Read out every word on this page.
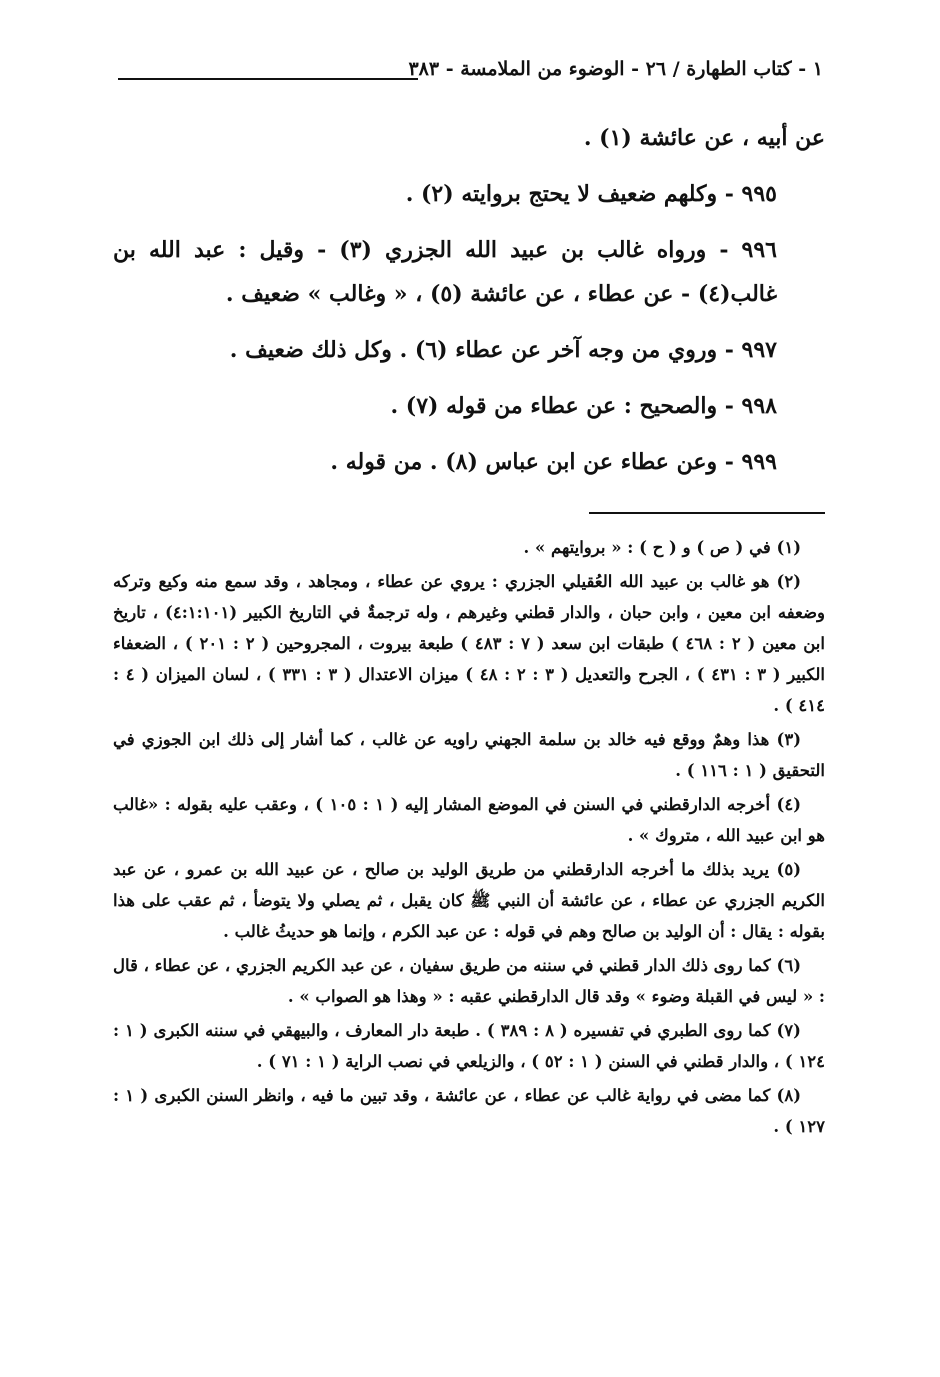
١ - كتاب الطهارة / ٢٦ - الوضوء من الملامسة - ٣٨٣

عن أبيه ، عن عائشة (١) .

٩٩٥ - وكلهم ضعيف لا يحتج بروايته (٢) .

٩٩٦ - ورواه غالب بن عبيد الله الجزري (٣) - وقيل : عبد الله بن غالب(٤) - عن عطاء ، عن عائشة (٥) ، « وغالب » ضعيف .

٩٩٧ - وروي من وجه آخر عن عطاء (٦) . وكل ذلك ضعيف .

٩٩٨ - والصحيح : عن عطاء من قوله (٧) .

٩٩٩ - وعن عطاء عن ابن عباس (٨) . من قوله .

(١) في ( ص ) و ( ح ) : « بروايتهم » .

(٢) هو غالب بن عبيد الله العُقيلي الجزري : يروي عن عطاء ، ومجاهد ، وقد سمع منه وكيع وتركه وضعفه ابن معين ، وابن حبان ، والدار قطني وغيرهم ، وله ترجمةٌ في التاريخ الكبير (٤:١:١٠١) ، تاريخ ابن معين ( ٢ : ٤٦٨ ) طبقات ابن سعد ( ٧ : ٤٨٣ ) طبعة بيروت ، المجروحين ( ٢ : ٢٠١ ) ، الضعفاء الكبير ( ٣ : ٤٣١ ) ، الجرح والتعديل ( ٣ : ٢ : ٤٨ ) ميزان الاعتدال ( ٣ : ٣٣١ ) ، لسان الميزان ( ٤ : ٤١٤ ) .

(٣) هذا وهمٌ ووقع فيه خالد بن سلمة الجهني راويه عن غالب ، كما أشار إلى ذلك ابن الجوزي في التحقيق ( ١ : ١١٦ ) .

(٤) أخرجه الدارقطني في السنن في الموضع المشار إليه ( ١ : ١٠٥ ) ، وعقب عليه بقوله : «غالب هو ابن عبيد الله ، متروك » .

(٥) يريد بذلك ما أخرجه الدارقطني من طريق الوليد بن صالح ، عن عبيد الله بن عمرو ، عن عبد الكريم الجزري عن عطاء ، عن عائشة أن النبي ﷺ كان يقبل ، ثم يصلي ولا يتوضأ ، ثم عقب على هذا بقوله : يقال : أن الوليد بن صالح وهم في قوله : عن عبد الكرم ، وإنما هو حديثُ غالب .

(٦) كما روى ذلك الدار قطني في سننه من طريق سفيان ، عن عبد الكريم الجزري ، عن عطاء ، قال : « ليس في القبلة وضوء » وقد قال الدارقطني عقبه : « وهذا هو الصواب » .

(٧) كما روى الطبري في تفسيره ( ٨ : ٣٨٩ ) . طبعة دار المعارف ، والبيهقي في سننه الكبرى ( ١ : ١٢٤ ) ، والدار قطني في السنن ( ١ : ٥٢ ) ، والزيلعي في نصب الراية ( ١ : ٧١ ) .

(٨) كما مضى في رواية غالب عن عطاء ، عن عائشة ، وقد تبين ما فيه ، وانظر السنن الكبرى ( ١ : ١٢٧ ) .
